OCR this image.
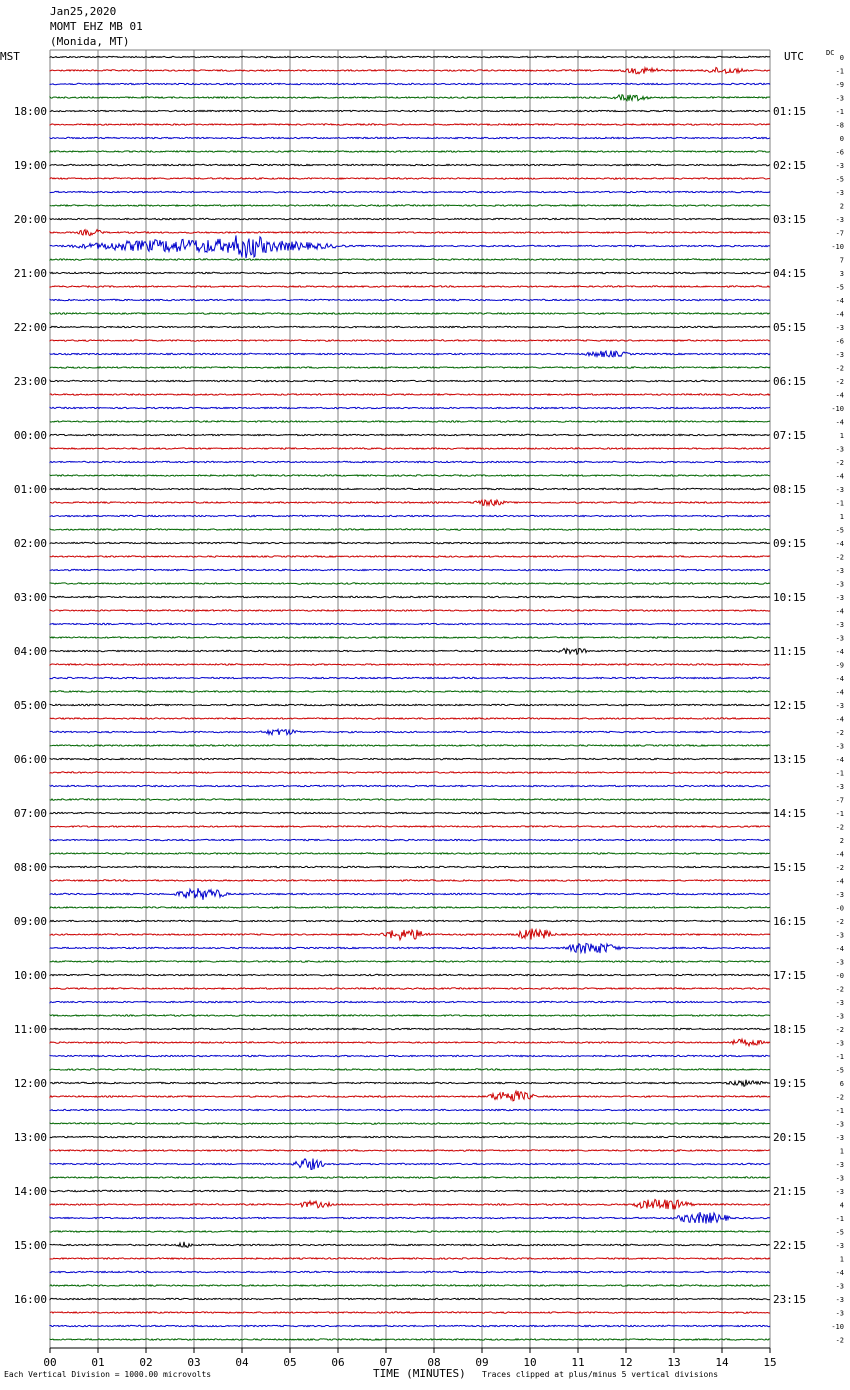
00	01	02	03	04	05	06	07	08	09	10	11	12	13	14	15
18:00
19:00
20:00
21:00
22:00
23:00
00:00
01:00
02:00
03:00
04:00
05:00
06:00
07:00
08:00
09:00
10:00
11:00
12:00
13:00
14:00
15:00
16:00
01:15
02:15
03:15
04:15
05:15
06:15
07:15
08:15
09:15
10:15
11:15
12:15
13:15
14:15
15:15
16:15
17:15
18:15
19:15
20:15
21:15
22:15
23:15
0
-1
-9
-3
-1
-8
0
-6
-3
-5
-3
2
-3
-7
-10
7
3
-5
-4
-4
-3
-6
-3
-2
-2
-4
-10
-4
1
-3
-2
-4
-3
-1
1
-5
-4
-2
-3
-3
-3
-4
-3
-3
-4
-9
-4
-4
-3
-4
-2
-3
-4
-1
-3
-7
-1
-2
2
-4
-2
-4
-3
-0
-2
-3
-4
-3
-0
-2
-3
-3
-2
-3
-1
-5
6
-2
-1
-3
-3
1
-3
-3
-3
4
-1
-5
-3
1
-4
-3
-3
-3
-10
-2
Jan25,2020
MOMT EHZ MB 01
(Monida, MT)
MST	UTC	DC
Each Vertical Division = 1000.00 microvolts	TIME (MINUTES) Traces clipped at plus/minus 5 vertical divisions
